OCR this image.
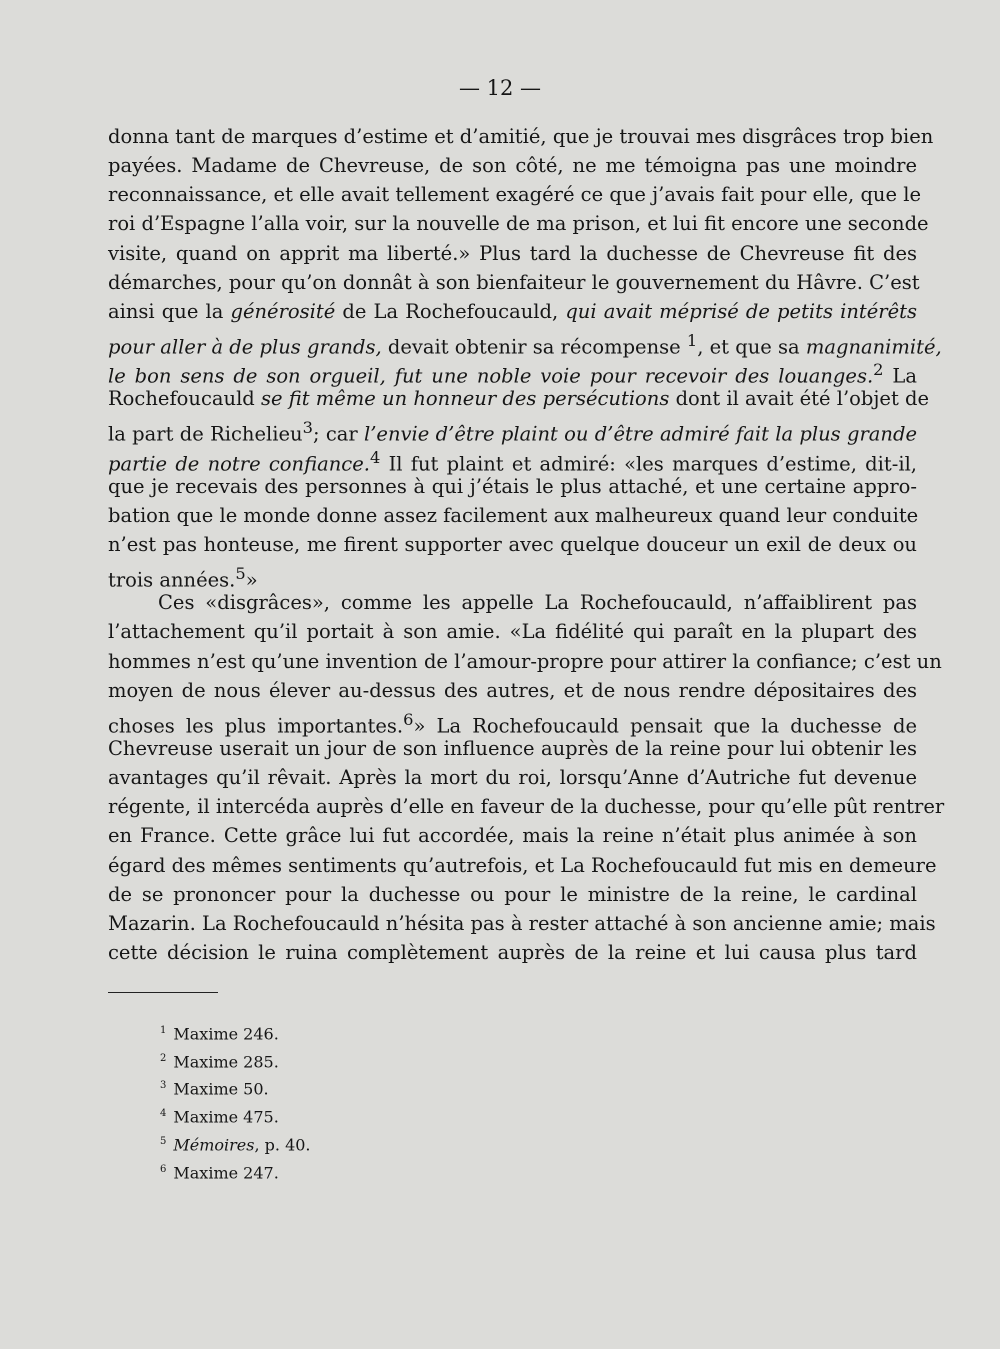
— 12 —
donna tant de marques d’estime et d’amitié, que je trouvai mes disgrâces trop bien
payées. Madame de Chevreuse, de son côté, ne me témoigna pas une moindre
reconnaissance, et elle avait tellement exagéré ce que j’avais fait pour elle, que le
roi d’Espagne l’alla voir, sur la nouvelle de ma prison, et lui fit encore une seconde
visite, quand on apprit ma liberté.» Plus tard la duchesse de Chevreuse fit des
démarches, pour qu’on donnât à son bienfaiteur le gouvernement du Hâvre. C’est
ainsi que la générosité de La Rochefoucauld, qui avait méprisé de petits intérêts
pour aller à de plus grands, devait obtenir sa récompense $^1$, et que sa magnanimité,
le bon sens de son orgueil, fut une noble voie pour recevoir des louanges.$^2$ La
Rochefoucauld se fit même un honneur des persécutions dont il avait été l’objet de
la part de Richelieu$^3$; car l’envie d’être plaint ou d’être admiré fait la plus grande
partie de notre confiance.$^4$ Il fut plaint et admiré: «les marques d’estime, dit-il,
que je recevais des personnes à qui j’étais le plus attaché, et une certaine appro-
bation que le monde donne assez facilement aux malheureux quand leur conduite
n’est pas honteuse, me firent supporter avec quelque douceur un exil de deux ou
trois années.$^5$»
Ces «disgrâces», comme les appelle La Rochefoucauld, n’affaiblirent pas
l’attachement qu’il portait à son amie. «La fidélité qui paraît en la plupart des
hommes n’est qu’une invention de l’amour-propre pour attirer la confiance; c’est un
moyen de nous élever au-dessus des autres, et de nous rendre dépositaires des
choses les plus importantes.$^6$» La Rochefoucauld pensait que la duchesse de
Chevreuse userait un jour de son influence auprès de la reine pour lui obtenir les
avantages qu’il rêvait. Après la mort du roi, lorsqu’Anne d’Autriche fut devenue
régente, il intercéda auprès d’elle en faveur de la duchesse, pour qu’elle pût rentrer
en France. Cette grâce lui fut accordée, mais la reine n’était plus animée à son
égard des mêmes sentiments qu’autrefois, et La Rochefoucauld fut mis en demeure
de se prononcer pour la duchesse ou pour le ministre de la reine, le cardinal
Mazarin. La Rochefoucauld n’hésita pas à rester attaché à son ancienne amie; mais
cette décision le ruina complètement auprès de la reine et lui causa plus tard
$^1$ Maxime 246.
$^2$ Maxime 285.
$^3$ Maxime 50.
$^4$ Maxime 475.
$^5$ Mémoires, p. 40.
$^6$ Maxime 247.
